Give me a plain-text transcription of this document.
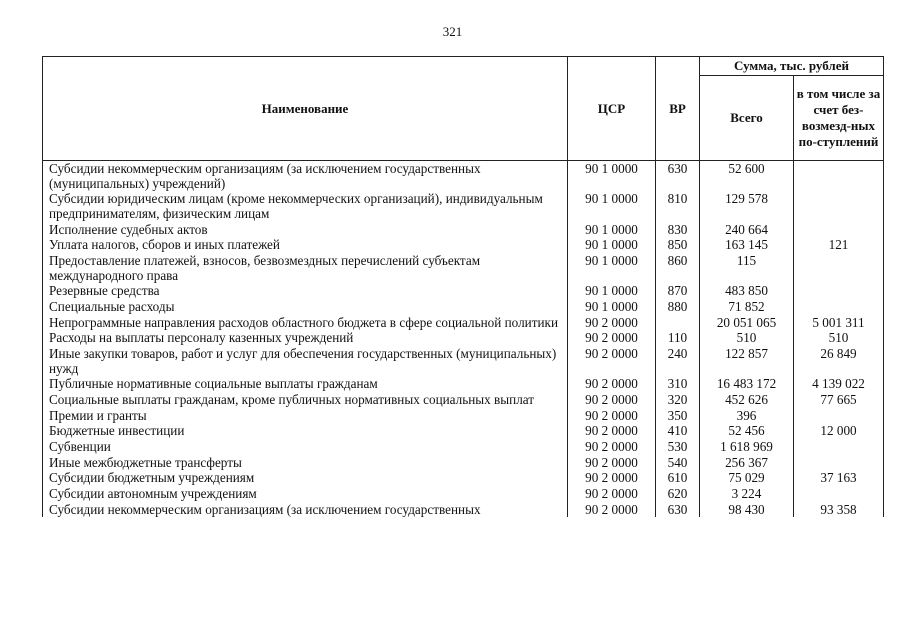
321
Наименование	ЦСР	ВР	Сумма, тыс. рублей	
			Всего	в том числе за счет без-возмезд-ных по-ступлений
Субсидии некоммерческим организациям (за исключением государственных (муниципальных) учреждений)	90 1 0000	630	52 600	
Субсидии юридическим лицам (кроме некоммерческих организаций), индивидуальным предпринимателям, физическим лицам	90 1 0000	810	129 578	
Исполнение судебных актов	90 1 0000	830	240 664	
Уплата налогов, сборов и иных платежей	90 1 0000	850	163 145	121
Предоставление платежей, взносов, безвозмездных перечислений субъектам международного права	90 1 0000	860	115	
Резервные средства	90 1 0000	870	483 850	
Специальные расходы	90 1 0000	880	71 852	
Непрограммные направления расходов областного бюджета в сфере социальной политики	90 2 0000		20 051 065	5 001 311
Расходы на выплаты персоналу казенных учреждений	90 2 0000	110	510	510
Иные закупки товаров, работ и услуг для обеспечения государственных (муниципальных) нужд	90 2 0000	240	122 857	26 849
Публичные нормативные социальные выплаты гражданам	90 2 0000	310	16 483 172	4 139 022
Социальные выплаты гражданам, кроме публичных нормативных социальных выплат	90 2 0000	320	452 626	77 665
Премии и гранты	90 2 0000	350	396	
Бюджетные инвестиции	90 2 0000	410	52 456	12 000
Субвенции	90 2 0000	530	1 618 969	
Иные межбюджетные трансферты	90 2 0000	540	256 367	
Субсидии бюджетным учреждениям	90 2 0000	610	75 029	37 163
Субсидии автономным учреждениям	90 2 0000	620	3 224	
Субсидии некоммерческим организациям (за исключением государственных	90 2 0000	630	98 430	93 358
